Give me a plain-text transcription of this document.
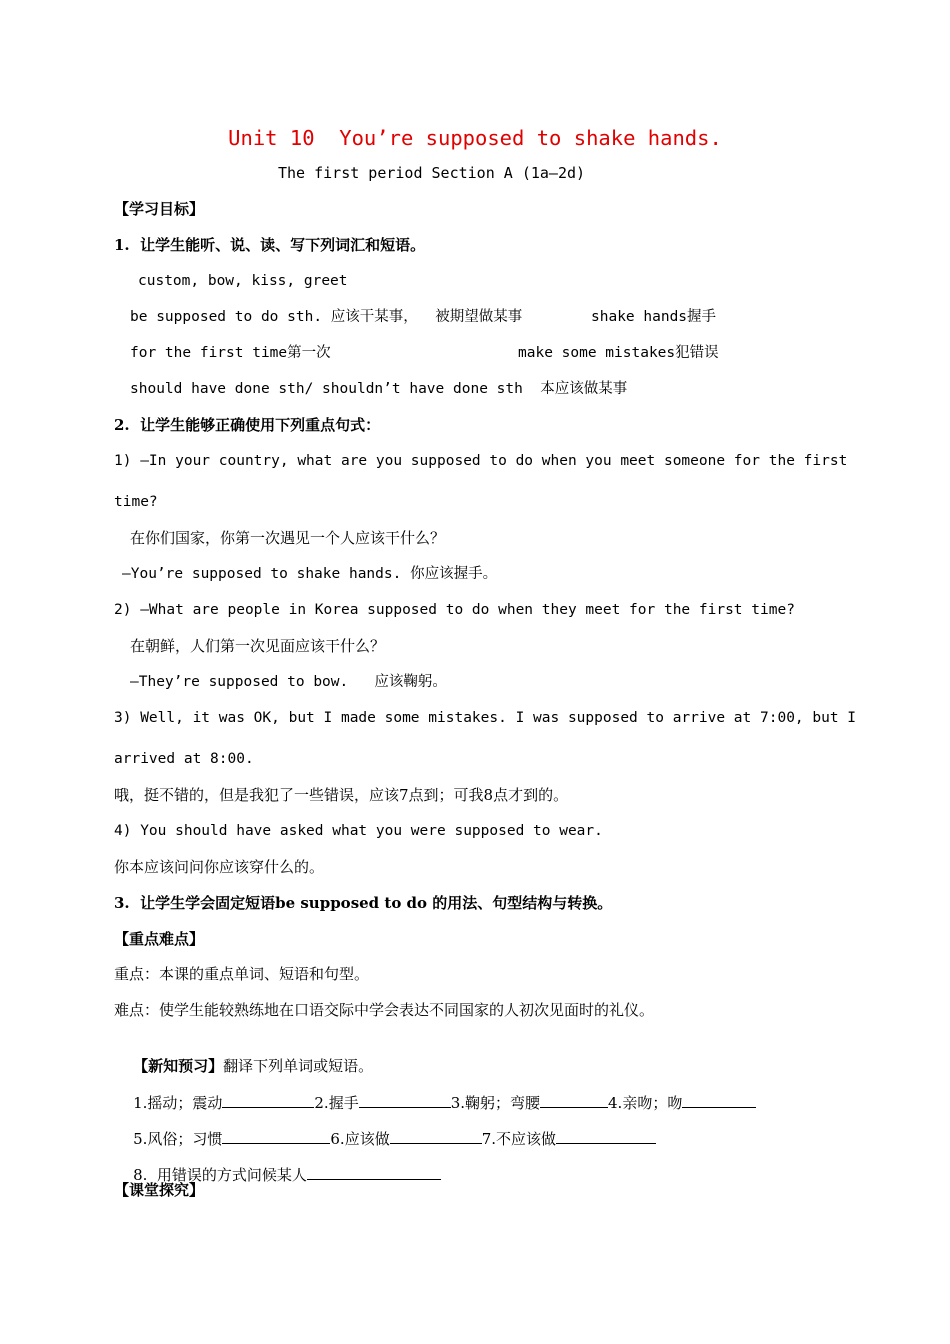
Unit 10  You’re supposed to shake hands.
The first period Section A (1a—2d)
【学习目标】
1.  让学生能听、说、读、写下列词汇和短语。
custom, bow, kiss, greet
be supposed to do sth. 应该干某事，  被期望做某事	shake hands握手
for the first time第一次	make some mistakes犯错误
should have done sth/ shouldn’t have done sth  本应该做某事
2.  让学生能够正确使用下列重点句式：
1) —In your country, what are you supposed to do when you meet someone for the first
time?
在你们国家，你第一次遇见一个人应该干什么？
—You’re supposed to shake hands. 你应该握手。
2) —What are people in Korea supposed to do when they meet for the first time?
在朝鲜，人们第一次见面应该干什么？
—They’re supposed to bow.   应该鞠躬。
3) Well, it was OK, but I made some mistakes. I was supposed to arrive at 7:00, but I
arrived at 8:00.
哦，挺不错的，但是我犯了一些错误，应该7点到；可我8点才到的。
4) You should have asked what you were supposed to wear.
你本应该问问你应该穿什么的。
3.  让学生学会固定短语be supposed to do 的用法、句型结构与转换。
【重点难点】
重点：本课的重点单词、短语和句型。
难点：使学生能较熟练地在口语交际中学会表达不同国家的人初次见面时的礼仪。

【新知预习】翻译下列单词或短语。

1.摇动；震动	2.握手	3.鞠躬；弯腰	4.亲吻；吻

5.风俗；习惯	6.应该做	7.不应该做

8.  用错误的方式问候某人

【课堂探究】
